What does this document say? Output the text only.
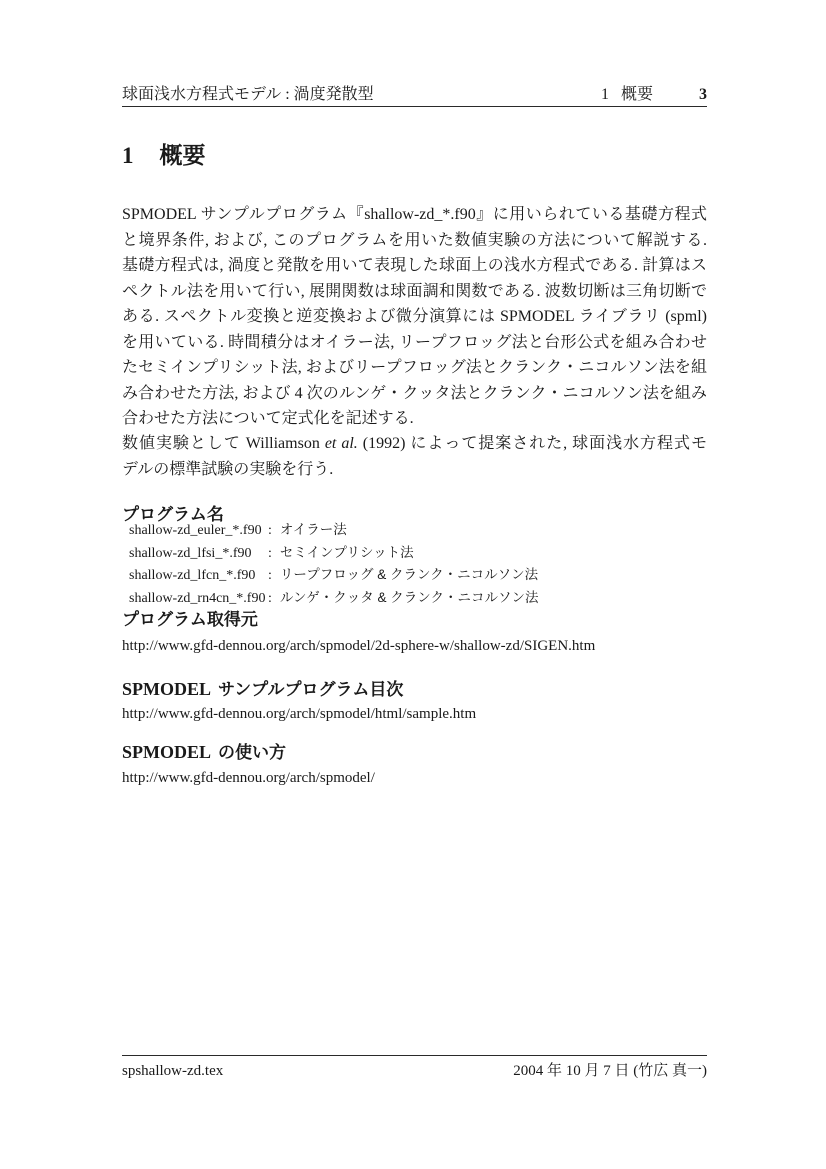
球面浅水方程式モデル : 渦度発散型	1 概要	3
1 概要
SPMODEL サンプルプログラム『shallow-zd_*.f90』に用いられている基礎方程式
と境界条件, および, このプログラムを用いた数値実験の方法について解説する.
基礎方程式は, 渦度と発散を用いて表現した球面上の浅水方程式である. 計算はス
ペクトル法を用いて行い, 展開関数は球面調和関数である. 波数切断は三角切断で
ある. スペクトル変換と逆変換および微分演算には SPMODEL ライブラリ (spml)
を用いている. 時間積分はオイラー法, リープフロッグ法と台形公式を組み合わせ
たセミインプリシット法, およびリープフロッグ法とクランク・ニコルソン法を組
み合わせた方法, および 4 次のルンゲ・クッタ法とクランク・ニコルソン法を組み
合わせた方法について定式化を記述する.
数値実験として Williamson et al. (1992) によって提案された, 球面浅水方程式モ
デルの標準試験の実験を行う.
プログラム名
shallow-zd_euler_*.f90 : オイラー法
shallow-zd_lfsi_*.f90 : セミインプリシット法
shallow-zd_lfcn_*.f90 : リープフロッグ & クランク・ニコルソン法
shallow-zd_rn4cn_*.f90 : ルンゲ・クッタ & クランク・ニコルソン法
プログラム取得元
http://www.gfd-dennou.org/arch/spmodel/2d-sphere-w/shallow-zd/SIGEN.htm
SPMODEL サンプルプログラム目次
http://www.gfd-dennou.org/arch/spmodel/html/sample.htm
SPMODEL の使い方
http://www.gfd-dennou.org/arch/spmodel/
spshallow-zd.tex	2004 年 10 月 7 日 (竹広 真一)
